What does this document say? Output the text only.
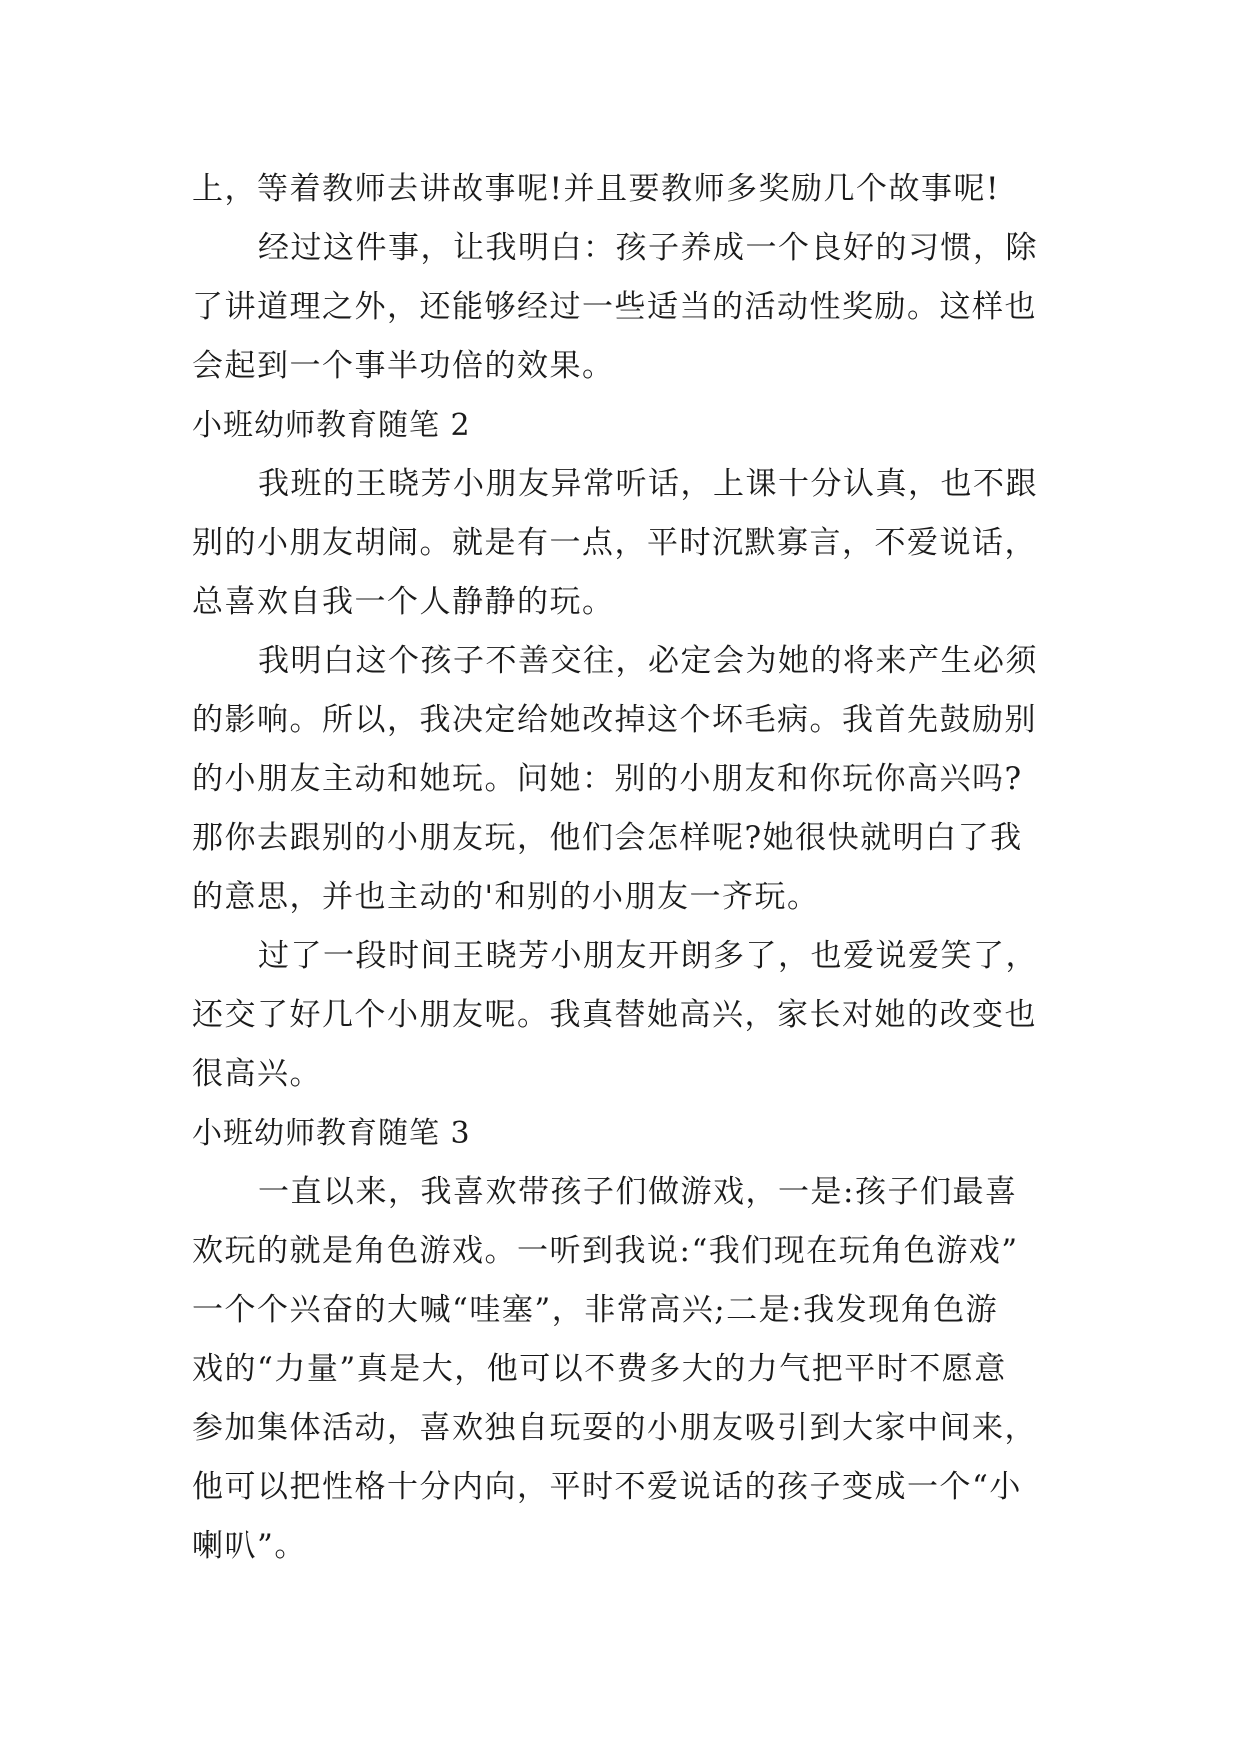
上，等着教师去讲故事呢!并且要教师多奖励几个故事呢!
经过这件事，让我明白：孩子养成一个良好的习惯，除
了讲道理之外，还能够经过一些适当的活动性奖励。这样也
会起到一个事半功倍的效果。
小班幼师教育随笔 2
我班的王晓芳小朋友异常听话，上课十分认真，也不跟
别的小朋友胡闹。就是有一点，平时沉默寡言，不爱说话，
总喜欢自我一个人静静的玩。
我明白这个孩子不善交往，必定会为她的将来产生必须
的影响。所以，我决定给她改掉这个坏毛病。我首先鼓励别
的小朋友主动和她玩。问她：别的小朋友和你玩你高兴吗?
那你去跟别的小朋友玩，他们会怎样呢?她很快就明白了我
的意思，并也主动的'和别的小朋友一齐玩。
过了一段时间王晓芳小朋友开朗多了，也爱说爱笑了，
还交了好几个小朋友呢。我真替她高兴，家长对她的改变也
很高兴。
小班幼师教育随笔 3
一直以来，我喜欢带孩子们做游戏，一是:孩子们最喜
欢玩的就是角色游戏。一听到我说:“我们现在玩角色游戏”
一个个兴奋的大喊“哇塞”，非常高兴;二是:我发现角色游
戏的“力量”真是大，他可以不费多大的力气把平时不愿意
参加集体活动，喜欢独自玩耍的小朋友吸引到大家中间来，
他可以把性格十分内向，平时不爱说话的孩子变成一个“小
喇叭”。
